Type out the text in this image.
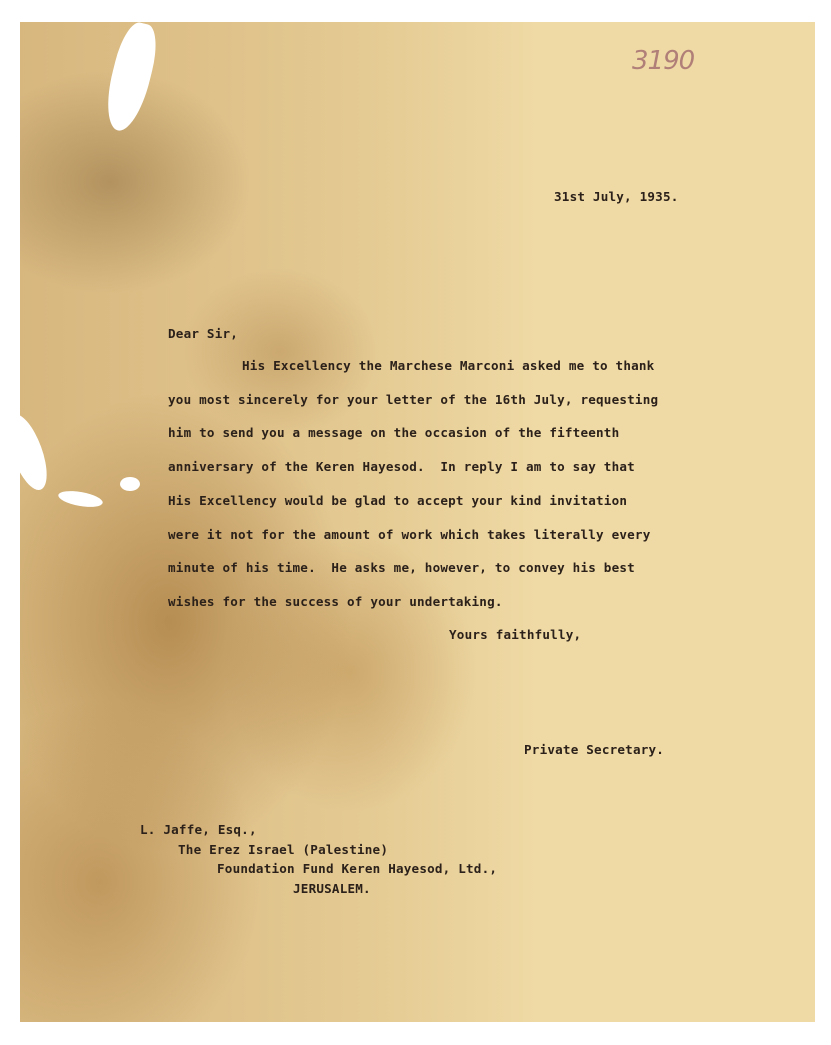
3190
31st July, 1935.
Dear Sir,
His Excellency the Marchese Marconi asked me to thank
you most sincerely for your letter of the 16th July, requesting
him to send you a message on the occasion of the fifteenth
anniversary of the Keren Hayesod.  In reply I am to say that
His Excellency would be glad to accept your kind invitation
were it not for the amount of work which takes literally every
minute of his time.  He asks me, however, to convey his best
wishes for the success of your undertaking.
Yours faithfully,
Private Secretary.
L. Jaffe, Esq.,
The Erez Israel (Palestine)
Foundation Fund Keren Hayesod, Ltd.,
JERUSALEM.
